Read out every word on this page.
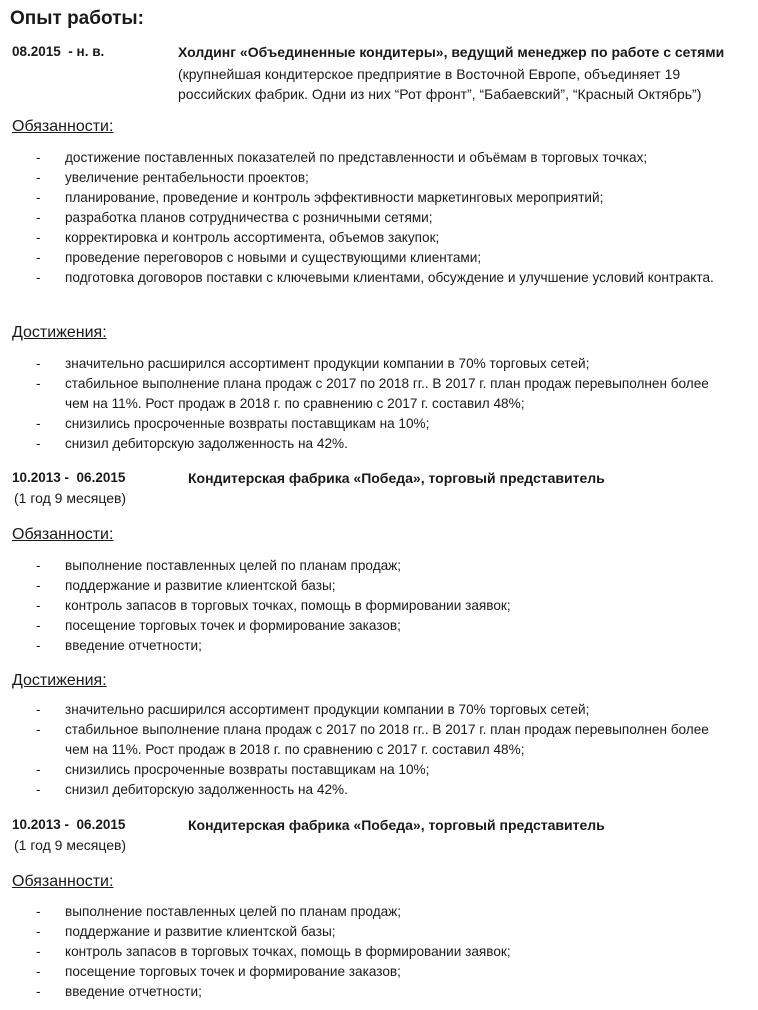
Опыт работы:
08.2015  - н. в.	Холдинг «Объединенные кондитеры», ведущий менеджер по работе с сетями
(крупнейшая кондитерское предприятие в Восточной Европе, объединяет 19 российских фабрик. Одни из них “Рот фронт”, “Бабаевский”, “Красный Октябрь”)
Обязанности:
- достижение поставленных показателей по представленности и объёмам в торговых точках;
- увеличение рентабельности проектов;
- планирование, проведение и контроль эффективности маркетинговых мероприятий;
- разработка планов сотрудничества с розничными сетями;
- корректировка и контроль ассортимента, объемов закупок;
- проведение переговоров с новыми и существующими клиентами;
- подготовка договоров поставки с ключевыми клиентами, обсуждение и улучшение условий контракта.
Достижения:
- значительно расширился ассортимент продукции компании в 70% торговых сетей;
- стабильное выполнение плана продаж с 2017 по 2018 гг.. В 2017 г. план продаж перевыполнен более чем на 11%. Рост продаж в 2018 г. по сравнению с 2017 г. составил 48%;
- снизились просроченные возвраты поставщикам на 10%;
- снизил дебиторскую задолженность на 42%.
10.2013 -  06.2015
(1 год 9 месяцев)
Кондитерская фабрика «Победа», торговый представитель
Обязанности:
- выполнение поставленных целей по планам продаж;
- поддержание и развитие клиентской базы;
- контроль запасов в торговых точках, помощь в формировании заявок;
- посещение торговых точек и формирование заказов;
- введение отчетности;
Достижения:
- значительно расширился ассортимент продукции компании в 70% торговых сетей;
- стабильное выполнение плана продаж с 2017 по 2018 гг.. В 2017 г. план продаж перевыполнен более чем на 11%. Рост продаж в 2018 г. по сравнению с 2017 г. составил 48%;
- снизились просроченные возвраты поставщикам на 10%;
- снизил дебиторскую задолженность на 42%.
10.2013 -  06.2015
(1 год 9 месяцев)
Кондитерская фабрика «Победа», торговый представитель
Обязанности:
- выполнение поставленных целей по планам продаж;
- поддержание и развитие клиентской базы;
- контроль запасов в торговых точках, помощь в формировании заявок;
- посещение торговых точек и формирование заказов;
- введение отчетности;
